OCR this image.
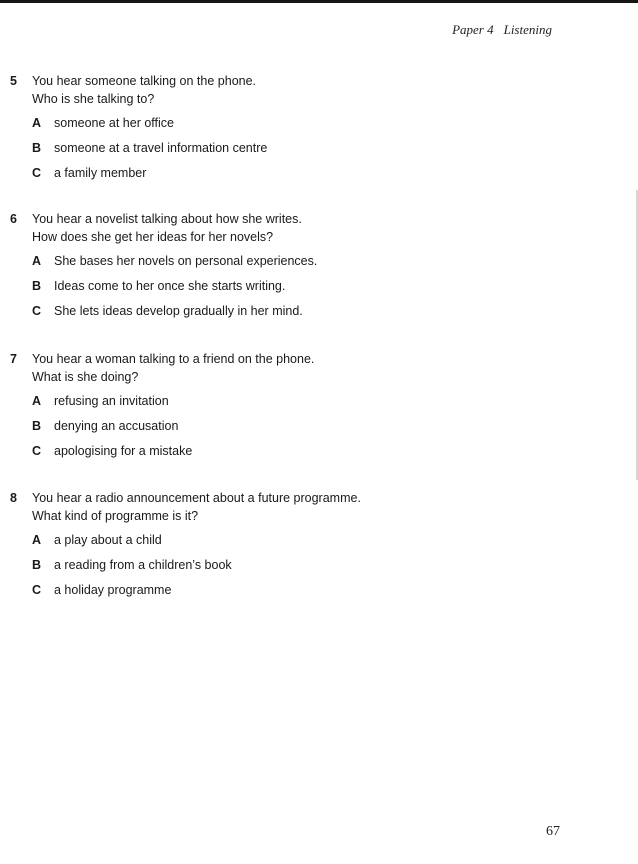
Paper 4 Listening
5	You hear someone talking on the phone.
Who is she talking to?
A someone at her office
B someone at a travel information centre
C a family member
6	You hear a novelist talking about how she writes.
How does she get her ideas for her novels?
A She bases her novels on personal experiences.
B Ideas come to her once she starts writing.
C She lets ideas develop gradually in her mind.
7	You hear a woman talking to a friend on the phone.
What is she doing?
A refusing an invitation
B denying an accusation
C apologising for a mistake
8	You hear a radio announcement about a future programme.
What kind of programme is it?
A a play about a child
B a reading from a children’s book
C a holiday programme
67
